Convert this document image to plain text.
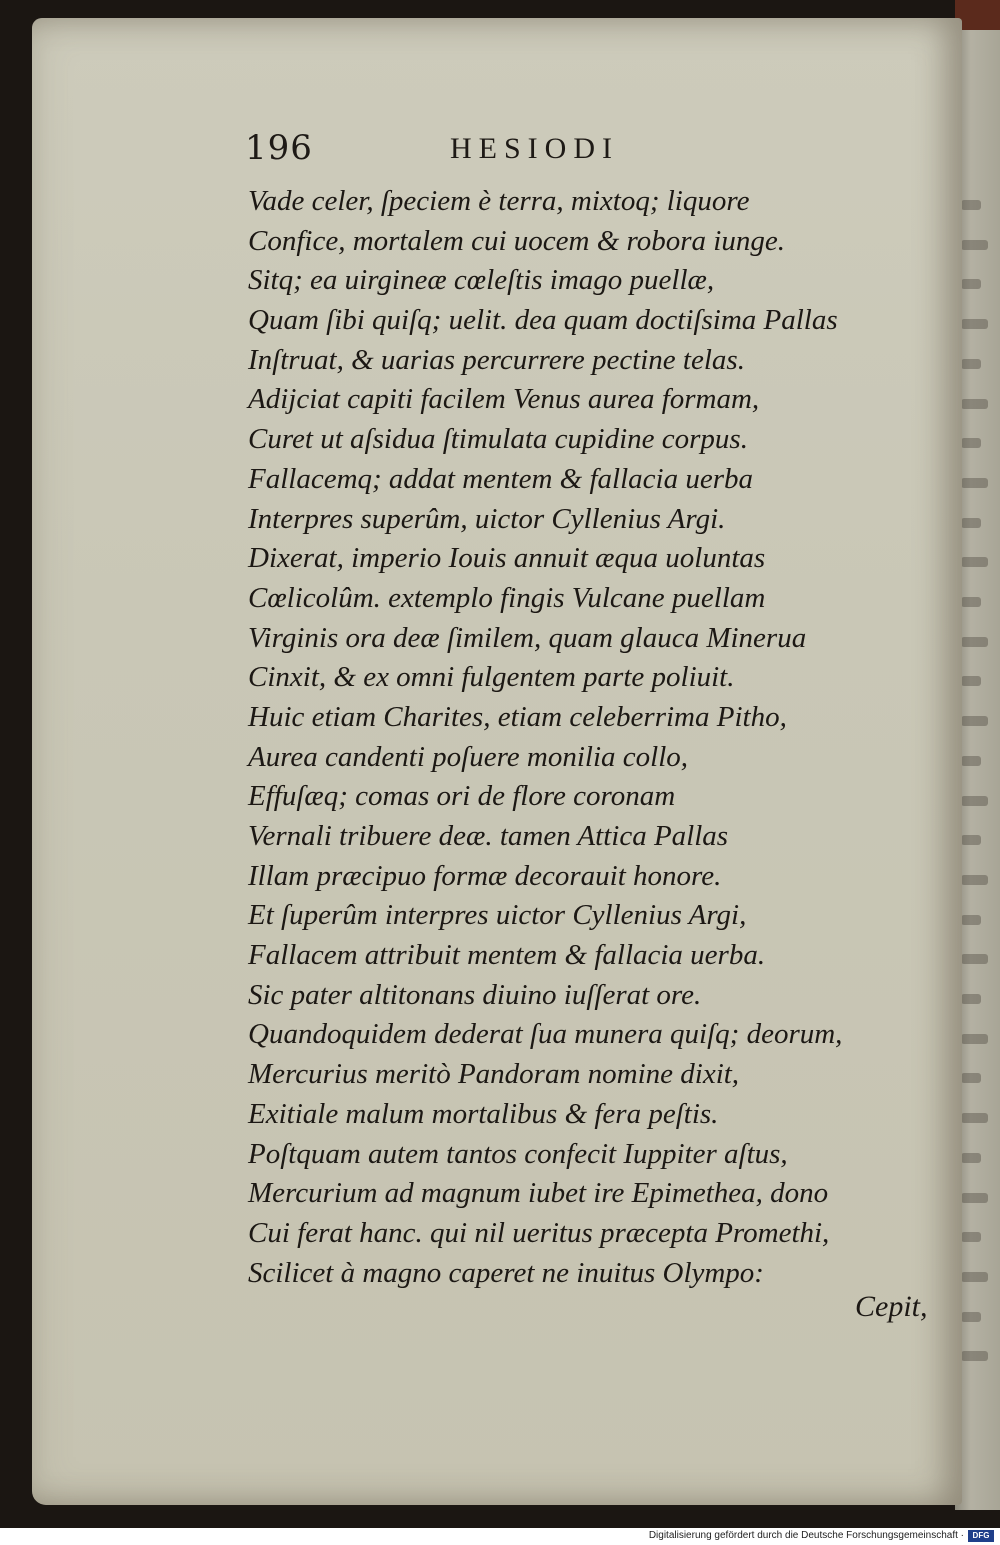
196	HESIODI
Vade celer, ſpeciem è terra, mixtoq; liquore
Confice, mortalem cui uocem & robora iunge.
Sitq; ea uirgineæ cœleſtis imago puellæ,
Quam ſibi quiſq; uelit. dea quam doctiſsima Pallas
Inſtruat, & uarias percurrere pectine telas.
Adijciat capiti facilem Venus aurea formam,
Curet ut aſsidua ſtimulata cupidine corpus.
Fallacemq; addat mentem & fallacia uerba
Interpres superûm, uictor Cyllenius Argi.
Dixerat, imperio Iouis annuit æqua uoluntas
Cœlicolûm. extemplo fingis Vulcane puellam
Virginis ora deæ ſimilem, quam glauca Minerua
Cinxit, & ex omni fulgentem parte poliuit.
Huic etiam Charites, etiam celeberrima Pitho,
Aurea candenti poſuere monilia collo,
Effuſæq; comas ori de flore coronam
Vernali tribuere deæ. tamen Attica Pallas
Illam præcipuo formæ decorauit honore.
Et ſuperûm interpres uictor Cyllenius Argi,
Fallacem attribuit mentem & fallacia uerba.
Sic pater altitonans diuino iuſſerat ore.
Quandoquidem dederat ſua munera quiſq; deorum,
Mercurius meritò Pandoram nomine dixit,
Exitiale malum mortalibus & fera peſtis.
Poſtquam autem tantos confecit Iuppiter aſtus,
Mercurium ad magnum iubet ire Epimethea, dono
Cui ferat hanc. qui nil ueritus præcepta Promethi,
Scilicet à magno caperet ne inuitus Olympo:
Cepit,
Digitalisierung gefördert durch die Deutsche Forschungsgemeinschaft ·	DFG
